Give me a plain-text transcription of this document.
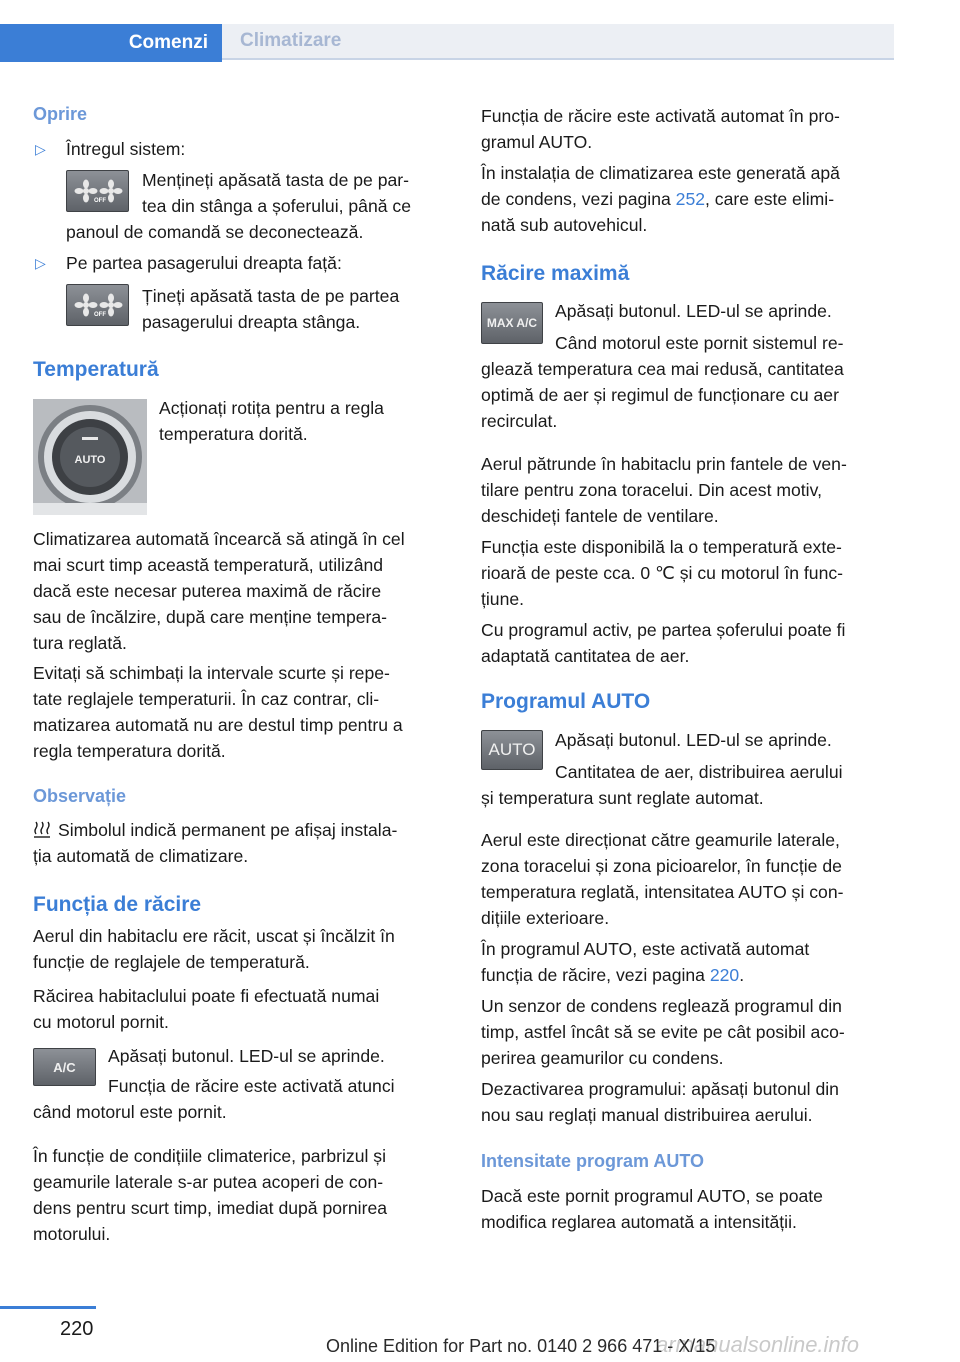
Comenzi Climatizare
Oprire
▷ Întregul sistem:
OFF
Mențineți apăsată tasta de pe par‐
tea din stânga a șoferului, până ce
panoul de comandă se deconectează.
▷ Pe partea pasagerului dreapta față:
OFF
Țineți apăsată tasta de pe partea
pasagerului dreapta stânga.
Temperatură
AUTO
Acționați rotița pentru a regla
temperatura dorită.
Climatizarea automată încearcă să atingă în cel
mai scurt timp această temperatură, utilizând
dacă este necesar puterea maximă de răcire
sau de încălzire, după care menține tempera‐
tura reglată.
Evitați să schimbați la intervale scurte și repe‐
tate reglajele temperaturii. În caz contrar, cli‐
matizarea automată nu are destul timp pentru a
regla temperatura dorită.
Observație
Simbolul indică permanent pe afișaj instala‐
ția automată de climatizare.
Funcția de răcire
Aerul din habitaclu ere răcit, uscat și încălzit în
funcție de reglajele de temperatură.
Răcirea habitaclului poate fi efectuată numai
cu motorul pornit.
A/C
Apăsați butonul. LED-ul se aprinde.
Funcția de răcire este activată atunci
când motorul este pornit.
În funcție de condițiile climaterice, parbrizul și
geamurile laterale s-ar putea acoperi de con‐
dens pentru scurt timp, imediat după pornirea
motorului.
Funcția de răcire este activată automat în pro‐
gramul AUTO.
În instalația de climatizarea este generată apă
de condens, vezi pagina 252, care este elimi‐
nată sub autovehicul.
Răcire maximă
MAX A/C
Apăsați butonul. LED-ul se aprinde.
Când motorul este pornit sistemul re‐
glează temperatura cea mai redusă, cantitatea
optimă de aer și regimul de funcționare cu aer
recirculat.
Aerul pătrunde în habitaclu prin fantele de ven‐
tilare pentru zona toracelui. Din acest motiv,
deschideți fantele de ventilare.
Funcția este disponibilă la o temperatură exte‐
rioară de peste cca. 0 ℃ și cu motorul în func‐
țiune.
Cu programul activ, pe partea șoferului poate fi
adaptată cantitatea de aer.
Programul AUTO
AUTO Apăsați butonul. LED-ul se aprinde.
Cantitatea de aer, distribuirea aerului
și temperatura sunt reglate automat.
Aerul este direcționat către geamurile laterale,
zona toracelui și zona picioarelor, în funcție de
temperatura reglată, intensitatea AUTO și con‐
dițiile exterioare.
În programul AUTO, este activată automat
funcția de răcire, vezi pagina 220.
Un senzor de condens reglează programul din
timp, astfel încât să se evite pe cât posibil aco‐
perirea geamurilor cu condens.
Dezactivarea programului: apăsați butonul din
nou sau reglați manual distribuirea aerului.
Intensitate program AUTO
Dacă este pornit programul AUTO, se poate
modifica reglarea automată a intensității.
220
armanualsonline.info
Online Edition for Part no. 0140 2 966 471 - X/15
